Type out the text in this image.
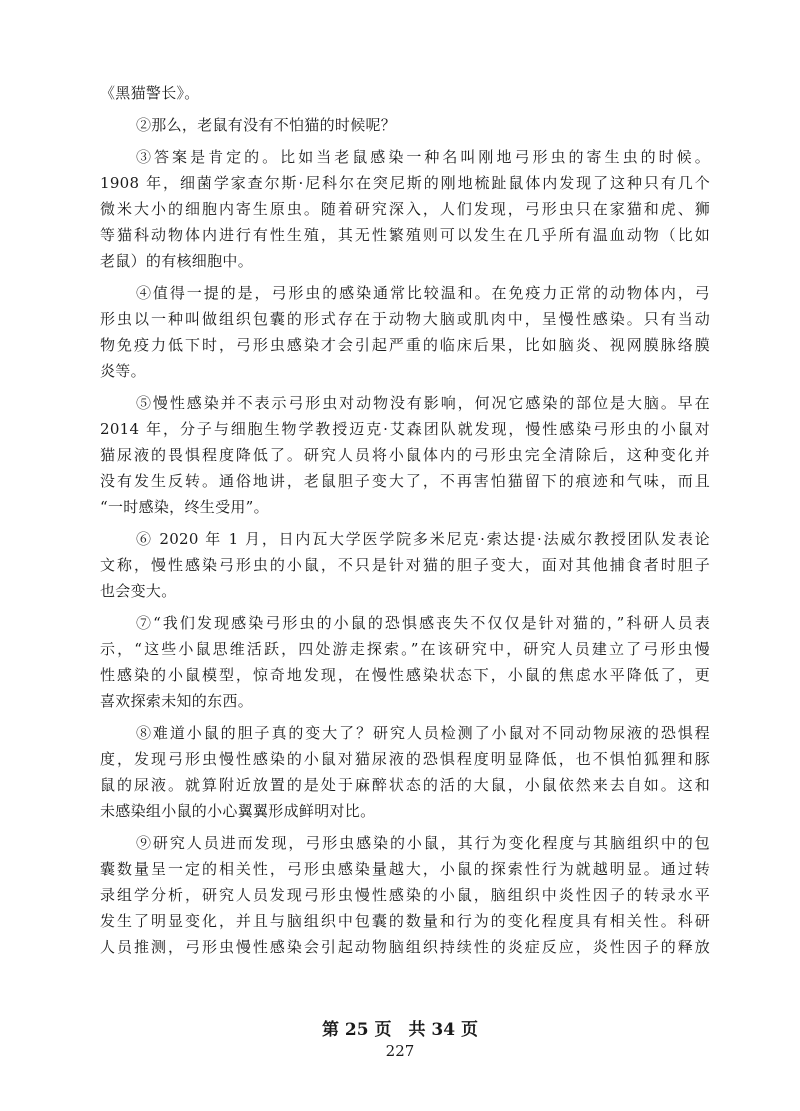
《黑猫警长》。
②那么，老鼠有没有不怕猫的时候呢？
③答案是肯定的。比如当老鼠感染一种名叫刚地弓形虫的寄生虫的时候。
1908 年，细菌学家查尔斯·尼科尔在突尼斯的刚地梳趾鼠体内发现了这种只有几个
微米大小的细胞内寄生原虫。随着研究深入，人们发现，弓形虫只在家猫和虎、狮
等猫科动物体内进行有性生殖，其无性繁殖则可以发生在几乎所有温血动物（比如
老鼠）的有核细胞中。
④值得一提的是，弓形虫的感染通常比较温和。在免疫力正常的动物体内，弓
形虫以一种叫做组织包囊的形式存在于动物大脑或肌肉中，呈慢性感染。只有当动
物免疫力低下时，弓形虫感染才会引起严重的临床后果，比如脑炎、视网膜脉络膜
炎等。
⑤慢性感染并不表示弓形虫对动物没有影响，何况它感染的部位是大脑。早在
2014 年，分子与细胞生物学教授迈克·艾森团队就发现，慢性感染弓形虫的小鼠对
猫尿液的畏惧程度降低了。研究人员将小鼠体内的弓形虫完全清除后，这种变化并
没有发生反转。通俗地讲，老鼠胆子变大了，不再害怕猫留下的痕迹和气味，而且
“一时感染，终生受用”。
⑥ 2020 年 1 月，日内瓦大学医学院多米尼克·索达提·法威尔教授团队发表论
文称，慢性感染弓形虫的小鼠，不只是针对猫的胆子变大，面对其他捕食者时胆子
也会变大。
⑦“我们发现感染弓形虫的小鼠的恐惧感丧失不仅仅是针对猫的，”科研人员表
示，“这些小鼠思维活跃，四处游走探索。”在该研究中，研究人员建立了弓形虫慢
性感染的小鼠模型，惊奇地发现，在慢性感染状态下，小鼠的焦虑水平降低了，更
喜欢探索未知的东西。
⑧难道小鼠的胆子真的变大了？研究人员检测了小鼠对不同动物尿液的恐惧程
度，发现弓形虫慢性感染的小鼠对猫尿液的恐惧程度明显降低，也不惧怕狐狸和豚
鼠的尿液。就算附近放置的是处于麻醉状态的活的大鼠，小鼠依然来去自如。这和
未感染组小鼠的小心翼翼形成鲜明对比。
⑨研究人员进而发现，弓形虫感染的小鼠，其行为变化程度与其脑组织中的包
囊数量呈一定的相关性，弓形虫感染量越大，小鼠的探索性行为就越明显。通过转
录组学分析，研究人员发现弓形虫慢性感染的小鼠，脑组织中炎性因子的转录水平
发生了明显变化，并且与脑组织中包囊的数量和行为的变化程度具有相关性。科研
人员推测，弓形虫慢性感染会引起动物脑组织持续性的炎症反应，炎性因子的释放
第 25 页　共 34 页
227
